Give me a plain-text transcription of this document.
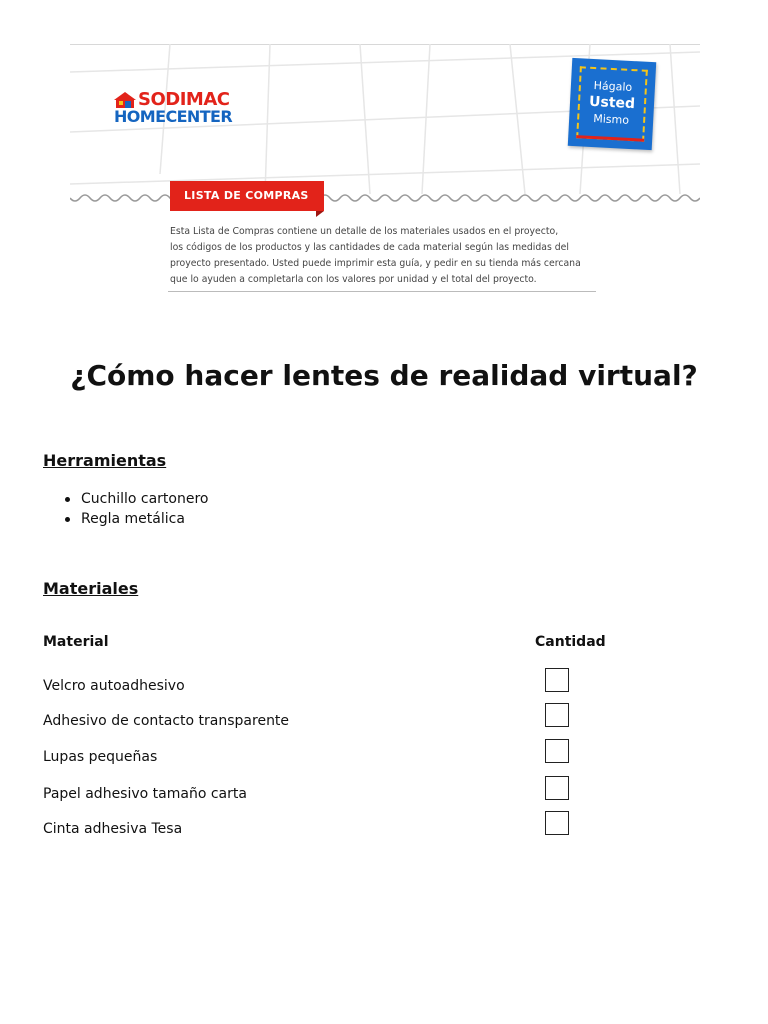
SODIMAC
HOMECENTER
Hágalo
Usted
Mismo
LISTA DE COMPRAS
Esta Lista de Compras contiene un detalle de los materiales usados en el proyecto,
los códigos de los productos y las cantidades de cada material según las medidas del
proyecto presentado. Usted puede imprimir esta guía, y pedir en su tienda más cercana
que lo ayuden a completarla con los valores por unidad y el total del proyecto.
¿Cómo hacer lentes de realidad virtual?
Herramientas
Cuchillo cartonero
Regla metálica
Materiales
Material	Cantidad
Velcro autoadhesivo
Adhesivo de contacto transparente
Lupas pequeñas
Papel adhesivo tamaño carta
Cinta adhesiva Tesa
